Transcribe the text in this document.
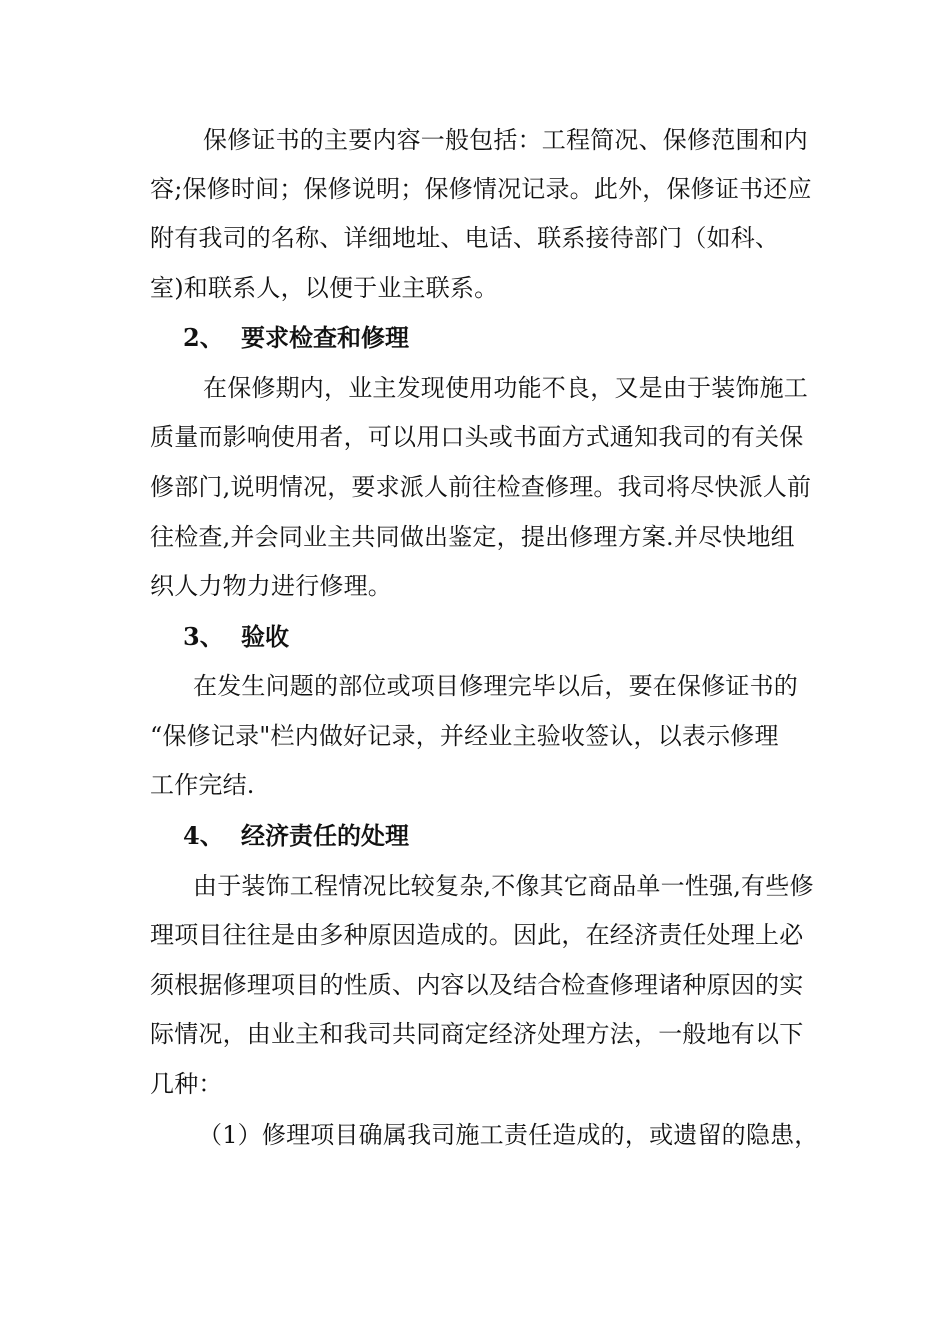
保修证书的主要内容一般包括：工程简况、保修范围和内
容;保修时间；保修说明；保修情况记录。此外，保修证书还应
附有我司的名称、详细地址、电话、联系接待部门（如科、
室)和联系人，以便于业主联系。
2、 要求检查和修理
在保修期内，业主发现使用功能不良，又是由于装饰施工
质量而影响使用者，可以用口头或书面方式通知我司的有关保
修部门,说明情况，要求派人前往检查修理。我司将尽快派人前
往检查,并会同业主共同做出鉴定，提出修理方案.并尽快地组
织人力物力进行修理。
3、 验收
在发生问题的部位或项目修理完毕以后，要在保修证书的
“保修记录"栏内做好记录，并经业主验收签认，以表示修理
工作完结.
4、 经济责任的处理
由于装饰工程情况比较复杂,不像其它商品单一性强,有些修
理项目往往是由多种原因造成的。因此，在经济责任处理上必
须根据修理项目的性质、内容以及结合检查修理诸种原因的实
际情况，由业主和我司共同商定经济处理方法，一般地有以下
几种：
（1）修理项目确属我司施工责任造成的，或遗留的隐患，
